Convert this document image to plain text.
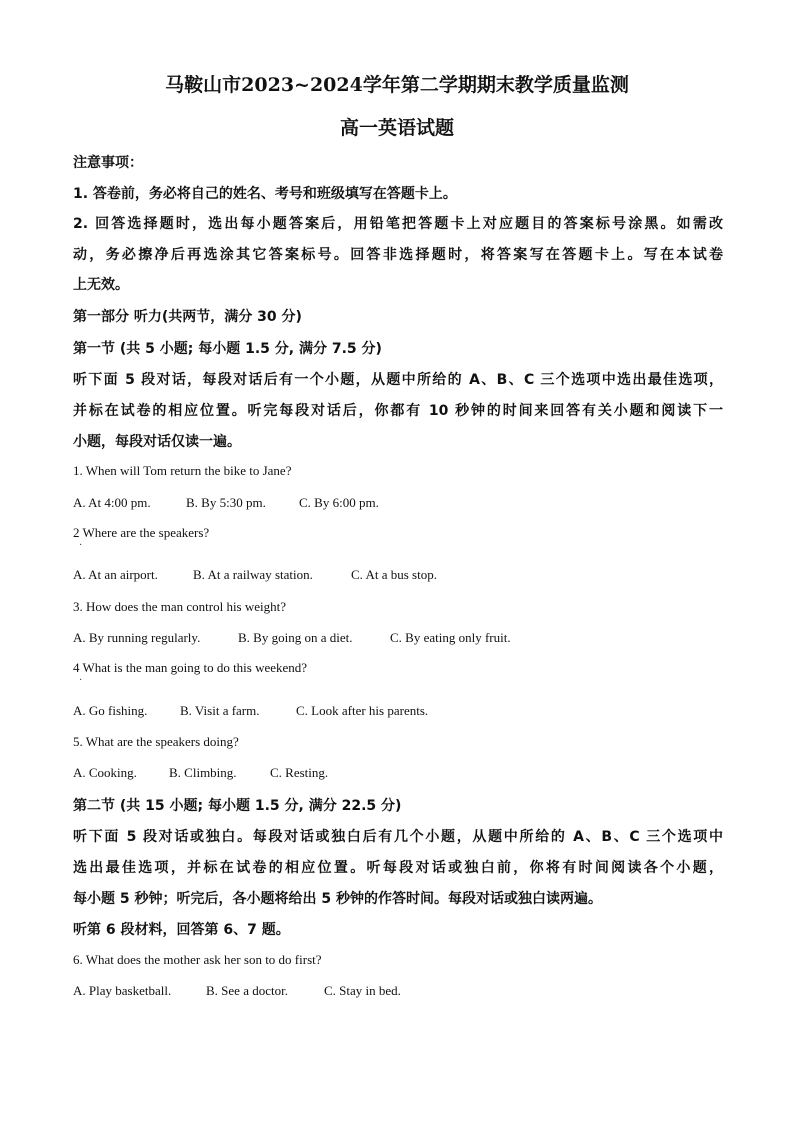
马鞍山市2023~2024学年第二学期期末教学质量监测
高一英语试题
注意事项：
1. 答卷前，务必将自己的姓名、考号和班级填写在答题卡上。
2. 回答选择题时，选出每小题答案后，用铅笔把答题卡上对应题目的答案标号涂黑。如需改
动，务必擦净后再选涂其它答案标号。回答非选择题时，将答案写在答题卡上。写在本试卷
上无效。
第一部分 听力(共两节，满分 30 分)
第一节 (共 5 小题; 每小题 1.5 分, 满分 7.5 分)
听下面 5 段对话，每段对话后有一个小题，从题中所给的 A、B、C 三个选项中选出最佳选项，
并标在试卷的相应位置。听完每段对话后，你都有 10 秒钟的时间来回答有关小题和阅读下一
小题，每段对话仅读一遍。
1. When will Tom return the bike to Jane?
A. At 4:00 pm.	B. By 5:30 pm.	C. By 6:00 pm.
2 Where are the speakers?
·
A. At an airport.	B. At a railway station.	C. At a bus stop.
3. How does the man control his weight?
A. By running regularly.	B. By going on a diet.	C. By eating only fruit.
4 What is the man going to do this weekend?
·
A. Go fishing.	B. Visit a farm.	C. Look after his parents.
5. What are the speakers doing?
A. Cooking. B. Climbing.	C. Resting.
第二节 (共 15 小题; 每小题 1.5 分, 满分 22.5 分)
听下面 5 段对话或独白。每段对话或独白后有几个小题，从题中所给的 A、B、C 三个选项中
选出最佳选项，并标在试卷的相应位置。听每段对话或独白前，你将有时间阅读各个小题，
每小题 5 秒钟；听完后，各小题将给出 5 秒钟的作答时间。每段对话或独白读两遍。
听第 6 段材料，回答第 6、7 题。
6. What does the mother ask her son to do first?
A. Play basketball.	B. See a doctor.	C. Stay in bed.
